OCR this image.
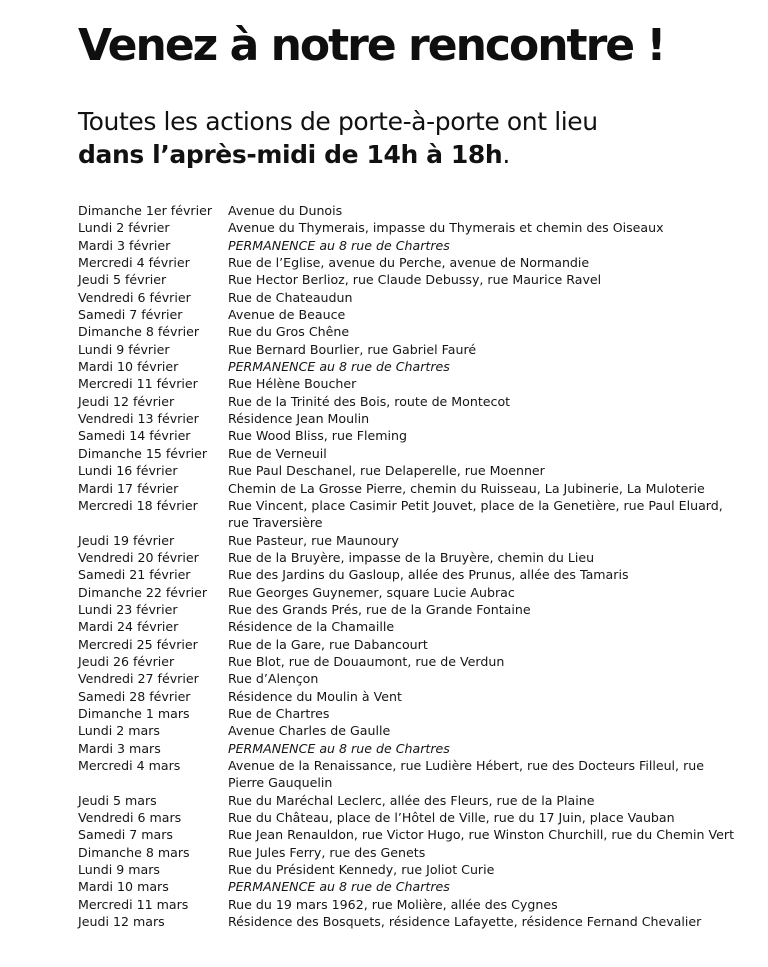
Venez à notre rencontre !
Toutes les actions de porte-à-porte ont lieu
dans l’après-midi de 14h à 18h.
Dimanche 1er février	Avenue du Dunois
Lundi 2 février	Avenue du Thymerais, impasse du Thymerais et chemin des Oiseaux
Mardi 3 février	PERMANENCE au 8 rue de Chartres
Mercredi 4 février	Rue de l’Eglise, avenue du Perche, avenue de Normandie
Jeudi 5 février	Rue Hector Berlioz, rue Claude Debussy, rue Maurice Ravel
Vendredi 6 février	Rue de Chateaudun
Samedi 7 février	Avenue de Beauce
Dimanche 8 février	Rue du Gros Chêne
Lundi 9 février	Rue Bernard Bourlier, rue Gabriel Fauré
Mardi 10 février	PERMANENCE au 8 rue de Chartres
Mercredi 11 février	Rue Hélène Boucher
Jeudi 12 février	Rue de la Trinité des Bois, route de Montecot
Vendredi 13 février	Résidence Jean Moulin
Samedi 14 février	Rue Wood Bliss, rue Fleming
Dimanche 15 février	Rue de Verneuil
Lundi 16 février	Rue Paul Deschanel, rue Delaperelle, rue Moenner
Mardi 17 février	Chemin de La Grosse Pierre, chemin du Ruisseau, La Jubinerie, La Muloterie
Mercredi 18 février	Rue Vincent, place Casimir Petit Jouvet, place de la Genetière, rue Paul Eluard, rue Traversière
Jeudi 19 février	Rue Pasteur, rue Maunoury
Vendredi 20 février	Rue de la Bruyère, impasse de la Bruyère, chemin du Lieu
Samedi 21 février	Rue des Jardins du Gasloup, allée des Prunus, allée des Tamaris
Dimanche 22 février	Rue Georges Guynemer, square Lucie Aubrac
Lundi 23 février	Rue des Grands Prés, rue de la Grande Fontaine
Mardi 24 février	Résidence de la Chamaille
Mercredi 25 février	Rue de la Gare, rue Dabancourt
Jeudi 26 février	Rue Blot, rue de Douaumont, rue de Verdun
Vendredi 27 février	Rue d’Alençon
Samedi 28 février	Résidence du Moulin à Vent
Dimanche 1 mars	Rue de Chartres
Lundi 2 mars	Avenue Charles de Gaulle
Mardi 3 mars	PERMANENCE au 8 rue de Chartres
Mercredi 4 mars	Avenue de la Renaissance, rue Ludière Hébert, rue des Docteurs Filleul, rue Pierre Gauquelin
Jeudi 5 mars	Rue du Maréchal Leclerc, allée des Fleurs, rue de la Plaine
Vendredi 6 mars	Rue du Château, place de l’Hôtel de Ville, rue du 17 Juin, place Vauban
Samedi 7 mars	Rue Jean Renauldon, rue Victor Hugo, rue Winston Churchill, rue du Chemin Vert
Dimanche 8 mars	Rue Jules Ferry, rue des Genets
Lundi 9 mars	Rue du Président Kennedy, rue Joliot Curie
Mardi 10 mars	PERMANENCE au 8 rue de Chartres
Mercredi 11 mars	Rue du 19 mars 1962, rue Molière, allée des Cygnes
Jeudi 12 mars	Résidence des Bosquets, résidence Lafayette, résidence Fernand Chevalier
